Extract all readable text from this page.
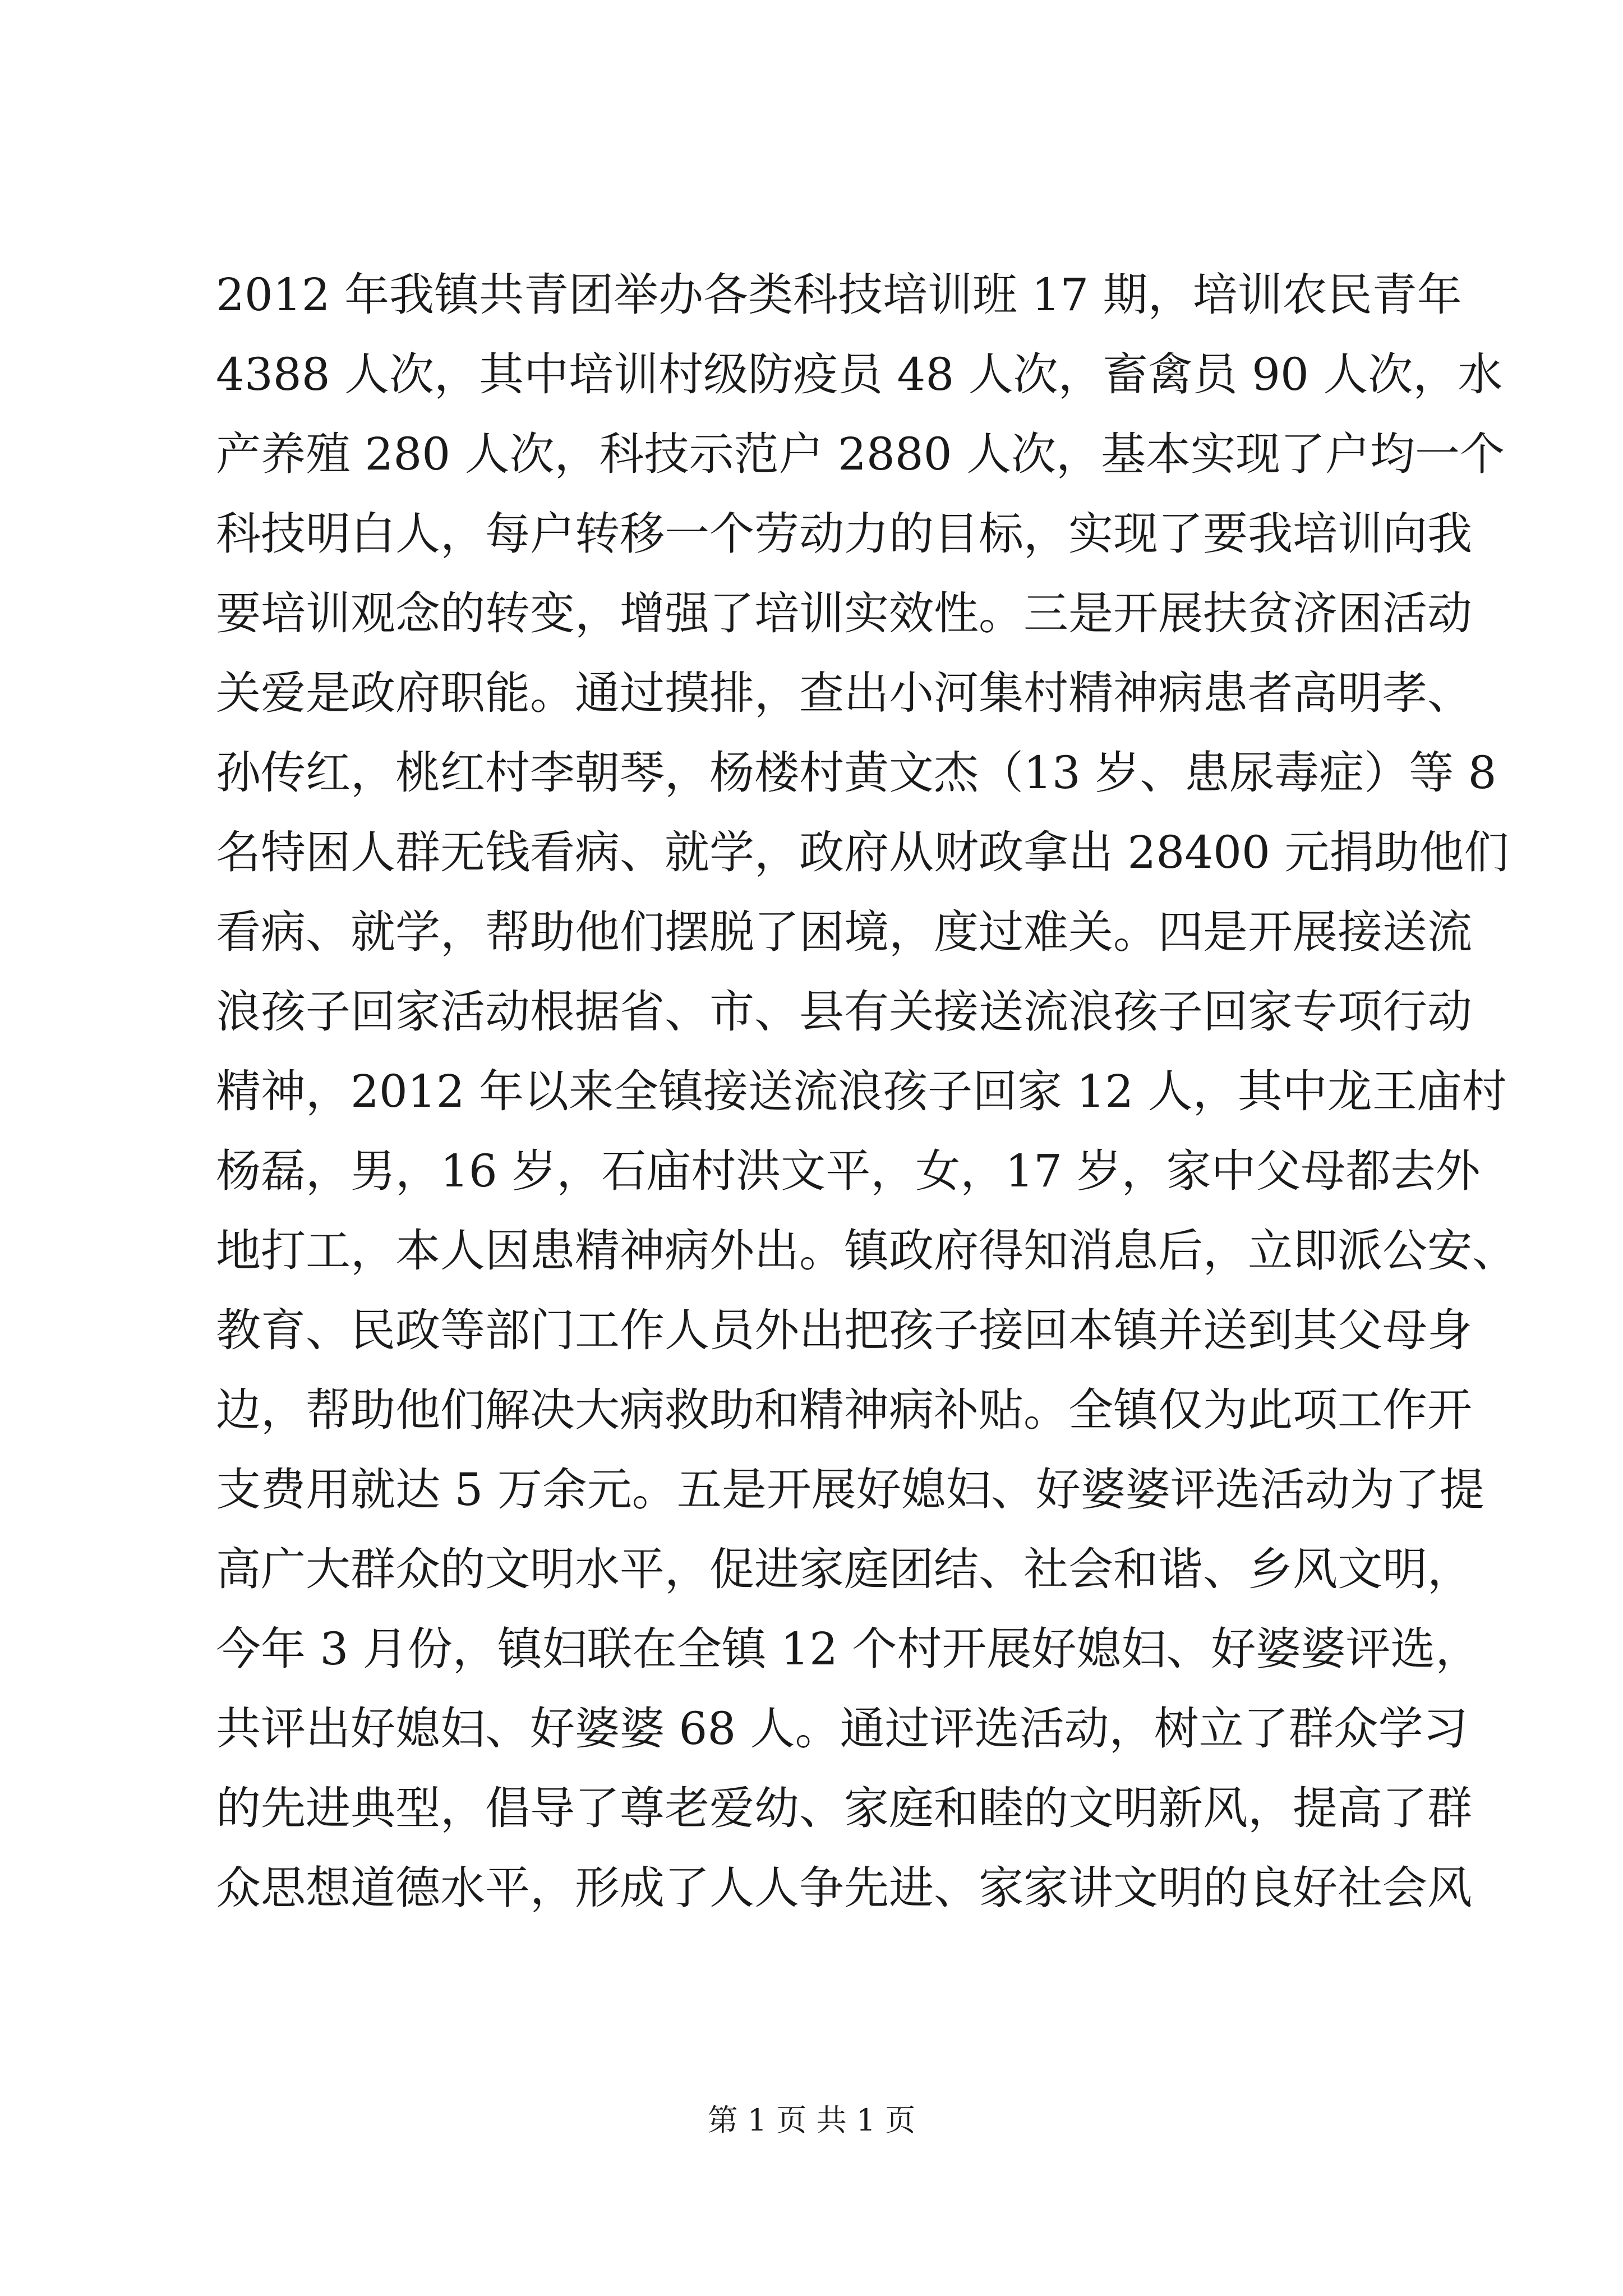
2012 年我镇共青团举办各类科技培训班 17 期，培训农民青年
4388 人次，其中培训村级防疫员 48 人次，畜禽员 90 人次，水
产养殖 280 人次，科技示范户 2880 人次，基本实现了户均一个
科技明白人，每户转移一个劳动力的目标，实现了要我培训向我
要培训观念的转变，增强了培训实效性。三是开展扶贫济困活动
关爱是政府职能。通过摸排，查出小河集村精神病患者高明孝、
孙传红，桃红村李朝琴，杨楼村黄文杰（13 岁、患尿毒症）等 8
名特困人群无钱看病、就学，政府从财政拿出 28400 元捐助他们
看病、就学，帮助他们摆脱了困境，度过难关。四是开展接送流
浪孩子回家活动根据省、市、县有关接送流浪孩子回家专项行动
精神，2012 年以来全镇接送流浪孩子回家 12 人，其中龙王庙村
杨磊，男，16 岁，石庙村洪文平，女，17 岁，家中父母都去外
地打工，本人因患精神病外出。镇政府得知消息后，立即派公安、
教育、民政等部门工作人员外出把孩子接回本镇并送到其父母身
边，帮助他们解决大病救助和精神病补贴。全镇仅为此项工作开
支费用就达 5 万余元。五是开展好媳妇、好婆婆评选活动为了提
高广大群众的文明水平，促进家庭团结、社会和谐、乡风文明，
今年 3 月份，镇妇联在全镇 12 个村开展好媳妇、好婆婆评选，
共评出好媳妇、好婆婆 68 人。通过评选活动，树立了群众学习
的先进典型，倡导了尊老爱幼、家庭和睦的文明新风，提高了群
众思想道德水平，形成了人人争先进、家家讲文明的良好社会风
第 1 页 共 1 页
